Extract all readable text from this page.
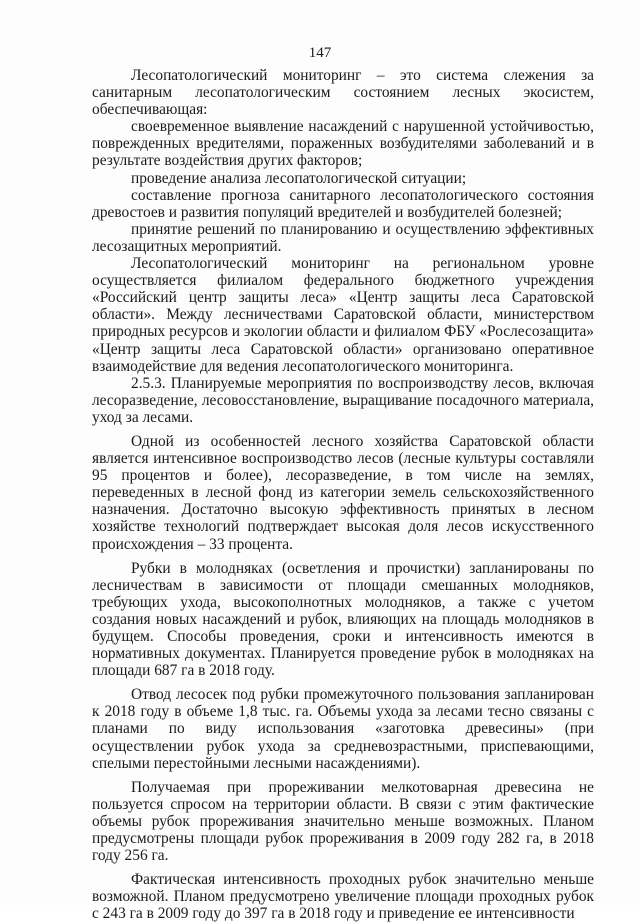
147

Лесопатологический мониторинг – это система слежения за санитарным лесопатологическим состоянием лесных экосистем, обеспечивающая:

своевременное выявление насаждений с нарушенной устойчивостью, поврежденных вредителями, пораженных возбудителями заболеваний и в результате воздействия других факторов;

проведение анализа лесопатологической ситуации;

составление прогноза санитарного лесопатологического состояния древостоев и развития популяций вредителей и возбудителей болезней;

принятие решений по планированию и осуществлению эффективных лесозащитных мероприятий.

Лесопатологический мониторинг на региональном уровне осуществляется филиалом федерального бюджетного учреждения «Российский центр защиты леса» «Центр защиты леса Саратовской области». Между лесничествами Саратовской области, министерством природных ресурсов и экологии области и филиалом ФБУ «Рослесозащита» «Центр защиты леса Саратовской области» организовано оперативное взаимодействие для ведения лесопатологического мониторинга.

2.5.3. Планируемые мероприятия по воспроизводству лесов, включая лесоразведение, лесовосстановление, выращивание посадочного материала, уход за лесами.

Одной из особенностей лесного хозяйства Саратовской области является интенсивное воспроизводство лесов (лесные культуры составляли 95 процентов и более), лесоразведение, в том числе на землях, переведенных в лесной фонд из категории земель сельскохозяйственного назначения. Достаточно высокую эффективность принятых в лесном хозяйстве технологий подтверждает высокая доля лесов искусственного происхождения – 33 процента.

Рубки в молодняках (осветления и прочистки) запланированы по лесничествам в зависимости от площади смешанных молодняков, требующих ухода, высокополнотных молодняков, а также с учетом создания новых насаждений и рубок, влияющих на площадь молодняков в будущем. Способы проведения, сроки и интенсивность имеются в нормативных документах. Планируется проведение рубок в молодняках на площади 687 га в 2018 году.

Отвод лесосек под рубки промежуточного пользования запланирован к 2018 году в объеме 1,8 тыс. га. Объемы ухода за лесами тесно связаны с планами по виду использования «заготовка древесины» (при осуществлении рубок ухода за средневозрастными, приспевающими, спелыми перестойными лесными насаждениями).

Получаемая при прореживании мелкотоварная древесина не пользуется спросом на территории области. В связи с этим фактические объемы рубок прореживания значительно меньше возможных. Планом предусмотрены площади рубок прореживания в 2009 году 282 га, в 2018 году 256 га.

Фактическая интенсивность проходных рубок значительно меньше возможной. Планом предусмотрено увеличение площади проходных рубок с 243 га в 2009 году до 397 га в 2018 году и приведение ее интенсивности
